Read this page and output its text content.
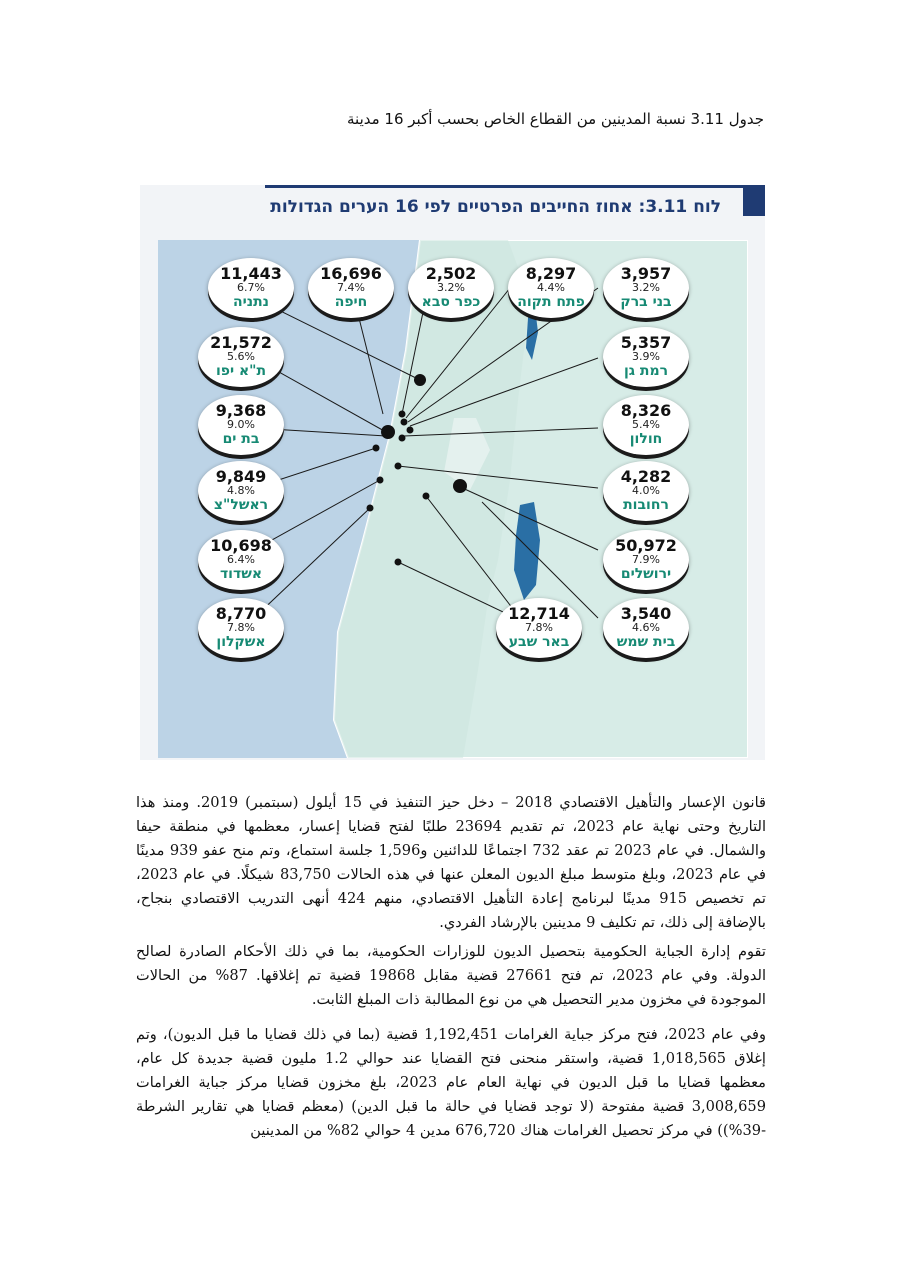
جدول 3.11 نسبة المدينين من القطاع الخاص بحسب أكبر 16 مدينة
לוח 3.11: אחוז החייבים הפרטיים לפי 16 הערים הגדולות
11,443
6.7%
נתניה
16,696
7.4%
חיפה
2,502
3.2%
כפר סבא
8,297
4.4%
פתח תקוה
3,957
3.2%
בני ברק
21,572
5.6%
ת"א יפו
5,357
3.9%
רמת גן
9,368
9.0%
בת ים
8,326
5.4%
חולון
9,849
4.8%
ראשל"צ
4,282
4.0%
רחובות
10,698
6.4%
אשדוד
50,972
7.9%
ירושלים
8,770
7.8%
אשקלון
12,714
7.8%
באר שבע
3,540
4.6%
בית שמש

قانون الإعسار والتأهيل الاقتصادي 2018 – دخل حيز التنفيذ في 15 أيلول (سبتمبر) 2019. ومنذ هذا التاريخ وحتى نهاية عام 2023، تم تقديم 23694 طلبًا لفتح قضايا إعسار، معظمها في منطقة حيفا والشمال. في عام 2023 تم عقد 732 اجتماعًا للدائنين و1,596 جلسة استماع، وتم منح عفو 939 مدينًا في عام 2023، وبلغ متوسط مبلغ الديون المعلن عنها في هذه الحالات 83,750 شيكلًا. في عام 2023، تم تخصيص 915 مدينًا لبرنامج إعادة التأهيل الاقتصادي، منهم 424 أنهى التدريب الاقتصادي بنجاح، بالإضافة إلى ذلك، تم تكليف 9 مدينين بالإرشاد الفردي.

تقوم إدارة الجباية الحكومية بتحصيل الديون للوزارات الحكومية، بما في ذلك الأحكام الصادرة لصالح الدولة. وفي عام 2023، تم فتح 27661 قضية مقابل 19868 قضية تم إغلاقها. 87% من الحالات الموجودة في مخزون مدير التحصيل هي من نوع المطالبة ذات المبلغ الثابت.

وفي عام 2023، فتح مركز جباية الغرامات 1,192,451 قضية (بما في ذلك قضايا ما قبل الديون)، وتم إغلاق 1,018,565 قضية، واستقر منحنى فتح القضايا عند حوالي 1.2 مليون قضية جديدة كل عام، معظمها قضايا ما قبل الديون في نهاية العام عام 2023، بلغ مخزون قضايا مركز جباية الغرامات 3,008,659 قضية مفتوحة (لا توجد قضايا في حالة ما قبل الدين) (معظم قضايا هي تقارير الشرطة -39%)) في مركز تحصيل الغرامات هناك 676,720 مدين 4 حوالي 82% من المدينين
